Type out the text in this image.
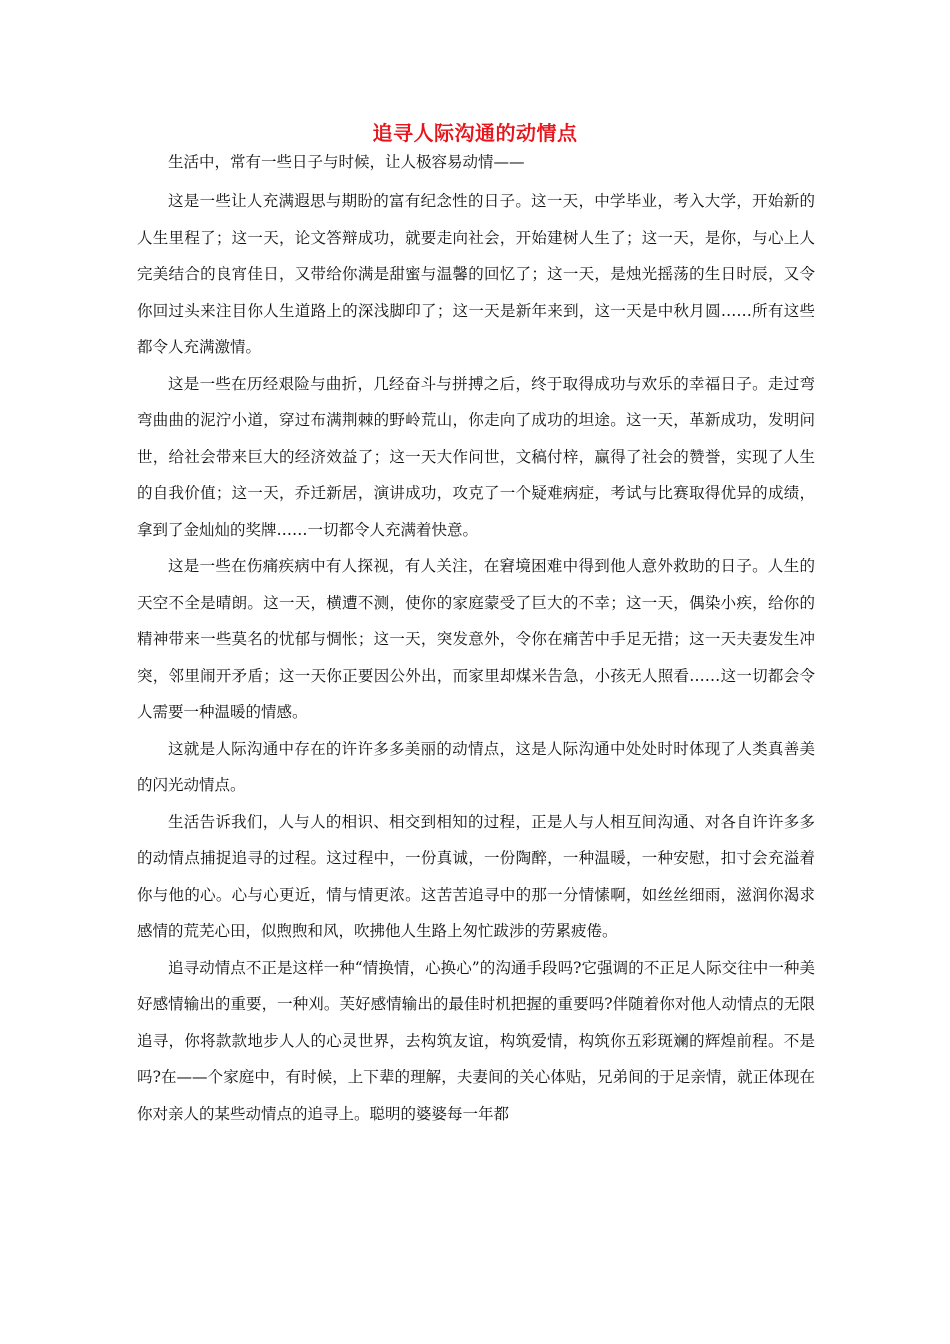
追寻人际沟通的动情点

生活中，常有一些日子与时候，让人极容易动情——

这是一些让人充满遐思与期盼的富有纪念性的日子。这一天，中学毕业，考入大学，开始新的人生里程了；这一天，论文答辩成功，就要走向社会，开始建树人生了；这一天，是你，与心上人完美结合的良宵佳日，又带给你满是甜蜜与温馨的回忆了；这一天，是烛光摇荡的生日时辰，又令你回过头来注目你人生道路上的深浅脚印了；这一天是新年来到，这一天是中秋月圆……所有这些都令人充满激情。

这是一些在历经艰险与曲折，几经奋斗与拼搏之后，终于取得成功与欢乐的幸福日子。走过弯弯曲曲的泥泞小道，穿过布满荆棘的野岭荒山，你走向了成功的坦途。这一天，革新成功，发明问世，给社会带来巨大的经济效益了；这一天大作问世，文稿付梓，赢得了社会的赞誉，实现了人生的自我价值；这一天，乔迁新居，演讲成功，攻克了一个疑难病症，考试与比赛取得优异的成绩，拿到了金灿灿的奖牌……一切都令人充满着快意。

这是一些在伤痛疾病中有人探视，有人关注，在窘境困难中得到他人意外救助的日子。人生的天空不全是晴朗。这一天，横遭不测，使你的家庭蒙受了巨大的不幸；这一天，偶染小疾，给你的精神带来一些莫名的忧郁与惆怅；这一天，突发意外，令你在痛苦中手足无措；这一天夫妻发生冲突，邻里闹开矛盾；这一天你正要因公外出，而家里却煤米告急，小孩无人照看……这一切都会令人需要一种温暖的情感。

这就是人际沟通中存在的许许多多美丽的动情点，这是人际沟通中处处时时体现了人类真善美的闪光动情点。

生活告诉我们，人与人的相识、相交到相知的过程，正是人与人相互间沟通、对各自许许多多的动情点捕捉追寻的过程。这过程中，一份真诚，一份陶醉，一种温暖，一种安慰，扣寸会充溢着你与他的心。心与心更近，情与情更浓。这苦苦追寻中的那一分情愫啊，如丝丝细雨，滋润你渴求感情的荒芜心田，似煦煦和风，吹拂他人生路上匆忙跋涉的劳累疲倦。

追寻动情点不正是这样一种“情换情，心换心”的沟通手段吗?它强调的不正足人际交往中一种美好感情输出的重要，一种刈。芙好感情输出的最佳时机把握的重要吗?伴随着你对他人动情点的无限追寻，你将款款地步人人的心灵世界，去构筑友谊，构筑爱情，构筑你五彩斑斓的辉煌前程。不是吗?在——个家庭中，有时候，上下辈的理解，夫妻间的关心体贴，兄弟间的于足亲情，就正体现在你对亲人的某些动情点的追寻上。聪明的婆婆每一年都
